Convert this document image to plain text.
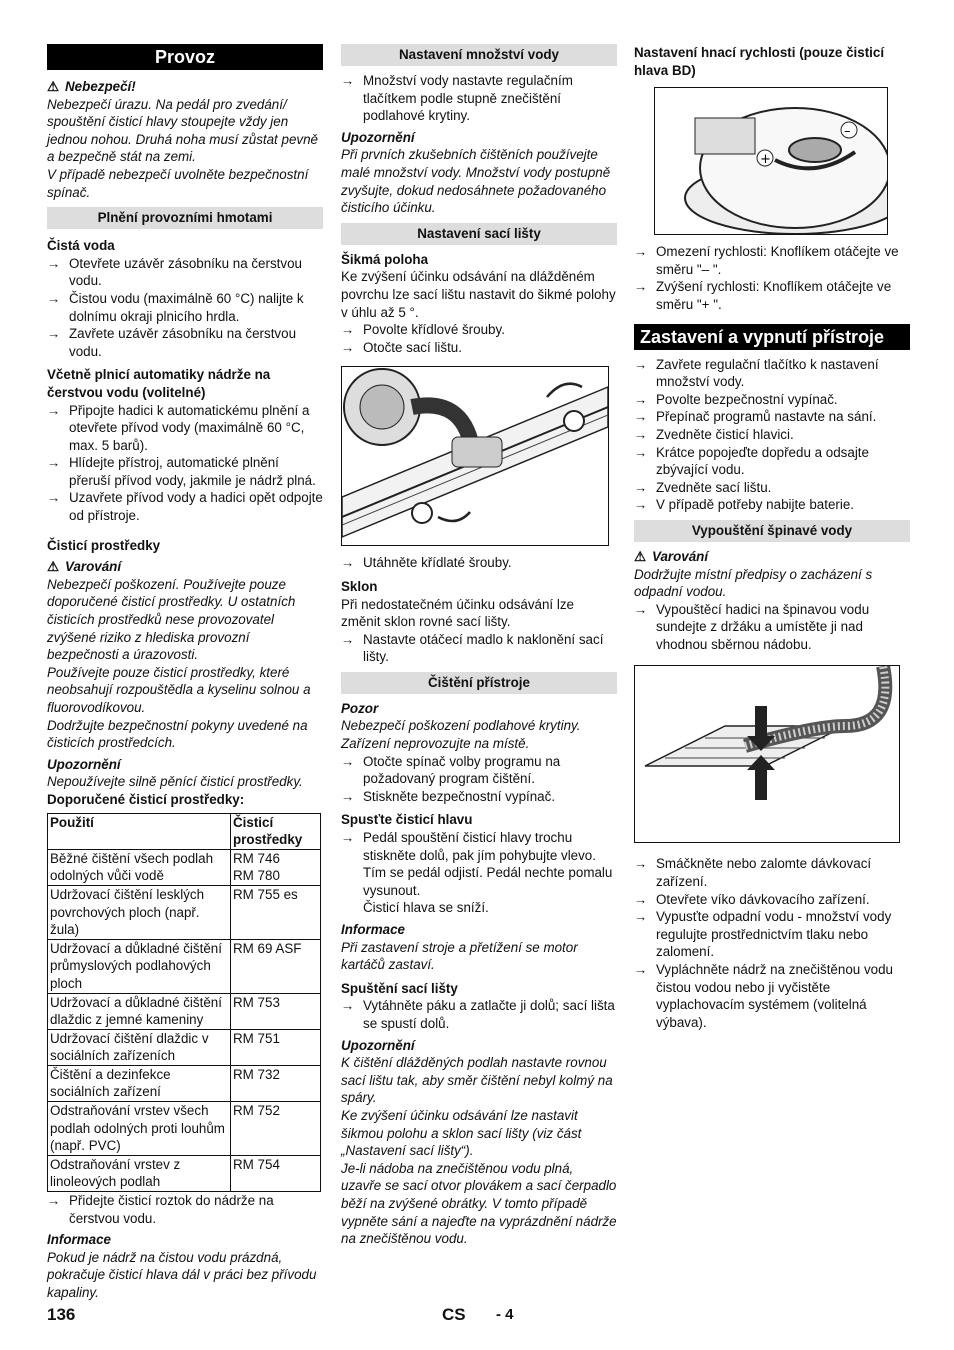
Provoz
⚠ Nebezpečí!

Nebezpečí úrazu. Na pedál pro zvedání/ spouštění čisticí hlavy stoupejte vždy jen jednou nohou. Druhá noha musí zůstat pevně a bezpečně stát na zemi.

V případě nebezpečí uvolněte bezpečnostní spínač.

Plnění provozními hmotami
Čistá voda
→ Otevřete uzávěr zásobníku na čerstvou vodu.
→ Čistou vodu (maximálně 60 °C) nalijte k dolnímu okraji plnicího hrdla.
→ Zavřete uzávěr zásobníku na čerstvou vodu.
Včetně plnicí automatiky nádrže na čerstvou vodu (volitelné)
→ Připojte hadici k automatickému plnění a otevřete přívod vody (maximálně 60 °C, max. 5 barů).
→ Hlídejte přístroj, automatické plnění přeruší přívod vody, jakmile je nádrž plná.
→ Uzavřete přívod vody a hadici opět odpojte od přístroje.
Čisticí prostředky
⚠ Varování

Nebezpečí poškození. Používejte pouze doporučené čisticí prostředky. U ostatních čisticích prostředků nese provozovatel zvýšené riziko z hlediska provozní bezpečnosti a úrazovosti.

Používejte pouze čisticí prostředky, které neobsahují rozpouštědla a kyselinu solnou a fluorovodíkovou.

Dodržujte bezpečnostní pokyny uvedené na čisticích prostředcích.

Upozornění

Nepoužívejte silně pěnící čisticí prostředky.

Doporučené čisticí prostředky:
Použití	Čisticí prostředky
Běžné čištění všech podlah odolných vůči vodě	RM 746
RM 780
Udržovací čištění lesklých povrchových ploch (např. žula)	RM 755 es
Udržovací a důkladné čištění průmyslových podlahových ploch	RM 69 ASF
Udržovací a důkladné čištění dlaždic z jemné kameniny	RM 753
Udržovací čištění dlaždic v sociálních zařízeních	RM 751
Čištění a dezinfekce sociálních zařízení	RM 732
Odstraňování vrstev všech podlah odolných proti louhům (např. PVC)	RM 752
Odstraňování vrstev z linoleových podlah	RM 754
→ Přidejte čisticí roztok do nádrže na čerstvou vodu.
Informace

Pokud je nádrž na čistou vodu prázdná, pokračuje čisticí hlava dál v práci bez přívodu kapaliny.

Nastavení množství vody
→ Množství vody nastavte regulačním tlačítkem podle stupně znečištění podlahové krytiny.
Upozornění

Při prvních zkušebních čištěních používejte malé množství vody. Množství vody postupně zvyšujte, dokud nedosáhnete požadovaného čisticího účinku.

Nastavení sací lišty
Šikmá poloha

Ke zvýšení účinku odsávání na dlážděném povrchu lze sací lištu nastavit do šikmé polohy v úhlu až 5 °.

→ Povolte křídlové šrouby.
→ Otočte sací lištu.
→ Utáhněte křídlaté šrouby.
Sklon

Při nedostatečném účinku odsávání lze změnit sklon rovné sací lišty.

→ Nastavte otáčecí madlo k naklonění sací lišty.
Čištění přístroje
Pozor

Nebezpečí poškození podlahové krytiny. Zařízení neprovozujte na místě.

→ Otočte spínač volby programu na požadovaný program čištění.
→ Stiskněte bezpečnostní vypínač.
Spusťte čisticí hlavu
→ Pedál spouštění čisticí hlavy trochu stiskněte dolů, pak jím pohybujte vlevo. Tím se pedál odjistí. Pedál nechte pomalu vysunout.

Čisticí hlava se sníží.

Informace

Při zastavení stroje a přetížení se motor kartáčů zastaví.

Spuštění sací lišty
→ Vytáhněte páku a zatlačte ji dolů; sací lišta se spustí dolů.
Upozornění

K čištění dlážděných podlah nastavte rovnou sací lištu tak, aby směr čištění nebyl kolmý na spáry.

Ke zvýšení účinku odsávání lze nastavit šikmou polohu a sklon sací lišty (viz část „Nastavení sací lišty“).

Je-li nádoba na znečištěnou vodu plná, uzavře se sací otvor plovákem a sací čerpadlo běží na zvýšené obrátky. V tomto případě vypněte sání a najeďte na vyprázdnění nádrže na znečištěnou vodu.

Nastavení hnací rychlosti (pouze čisticí hlava BD)
+
–
→ Omezení rychlosti: Knoflíkem otáčejte ve směru "– ".
→ Zvýšení rychlosti: Knoflíkem otáčejte ve směru "+ ".
Zastavení a vypnutí přístroje
→ Zavřete regulační tlačítko k nastavení množství vody.
→ Povolte bezpečnostní vypínač.
→ Přepínač programů nastavte na sání.
→ Zvedněte čisticí hlavici.
→ Krátce popojeďte dopředu a odsajte zbývající vodu.
→ Zvedněte sací lištu.
→ V případě potřeby nabijte baterie.
Vypouštění špinavé vody
⚠ Varování

Dodržujte místní předpisy o zacházení s odpadní vodou.

→ Vypouštěcí hadici na špinavou vodu sundejte z držáku a umístěte ji nad vhodnou sběrnou nádobu.
→ Smáčkněte nebo zalomte dávkovací zařízení.
→ Otevřete víko dávkovacího zařízení.
→ Vypusťte odpadní vodu - množství vody regulujte prostřednictvím tlaku nebo zalomení.
→ Vypláchněte nádrž na znečištěnou vodu čistou vodou nebo ji vyčistěte vyplachovacím systémem (volitelná výbava).
136	CS - 4
